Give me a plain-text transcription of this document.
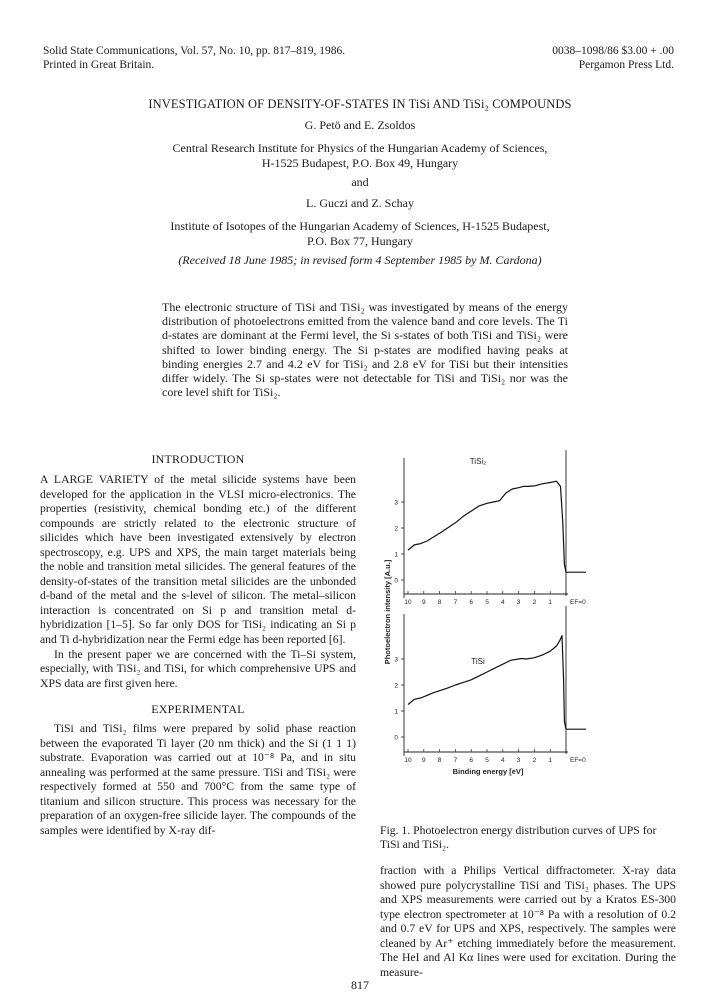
Solid State Communications, Vol. 57, No. 10, pp. 817–819, 1986.
Printed in Great Britain.
0038–1098/86 $3.00 + .00
Pergamon Press Ltd.
INVESTIGATION OF DENSITY-OF-STATES IN TiSi AND TiSi₂ COMPOUNDS
G. Petö and E. Zsoldos
Central Research Institute for Physics of the Hungarian Academy of Sciences,
H-1525 Budapest, P.O. Box 49, Hungary
and
L. Guczi and Z. Schay
Institute of Isotopes of the Hungarian Academy of Sciences, H-1525 Budapest,
P.O. Box 77, Hungary
(Received 18 June 1985; in revised form 4 September 1985 by M. Cardona)
The electronic structure of TiSi and TiSi₂ was investigated by means of the energy distribution of photoelectrons emitted from the valence band and core levels. The Ti d-states are dominant at the Fermi level, the Si s-states of both TiSi and TiSi₂ were shifted to lower binding energy. The Si p-states are modified having peaks at binding energies 2.7 and 4.2 eV for TiSi₂ and 2.8 eV for TiSi but their intensities differ widely. The Si sp-states were not detectable for TiSi and TiSi₂ nor was the core level shift for TiSi₂.
INTRODUCTION

A LARGE VARIETY of the metal silicide systems have been developed for the application in the VLSI micro-electronics. The properties (resistivity, chemical bonding etc.) of the different compounds are strictly related to the electronic structure of silicides which have been investigated extensively by electron spectroscopy, e.g. UPS and XPS, the main target materials being the noble and transition metal silicides. The general features of the density-of-states of the transition metal silicides are the unbonded d-band of the metal and the s-level of silicon. The metal–silicon interaction is concentrated on Si p and transition metal d-hybridization [1–5]. So far only DOS for TiSi₂ indicating an Si p and Ti d-hybridization near the Fermi edge has been reported [6].

In the present paper we are concerned with the Ti–Si system, especially, with TiSi₂ and TiSi, for which comprehensive UPS and XPS data are first given here.

EXPERIMENTAL

TiSi and TiSi₂ films were prepared by solid phase reaction between the evaporated Ti layer (20 nm thick) and the Si (1 1 1) substrate. Evaporation was carried out at 10⁻⁸ Pa, and in situ annealing was performed at the same pressure. TiSi and TiSi₂ were respectively formed at 550 and 700°C from the same type of titanium and silicon structure. This process was necessary for the preparation of an oxygen-free silicide layer. The compounds of the samples were identified by X-ray dif-

0
1
2
3
10 9 8 7 6 5 4 3 2 1	EF=0
TiSi₂
0
1
2
3
10 9 8 7 6 5 4 3 2 1	EF=0
TiSi
Photoelectron intensity [A.u.]
Binding energy [eV]
Fig. 1. Photoelectron energy distribution curves of UPS for TiSi and TiSi₂.
fraction with a Philips Vertical diffractometer. X-ray data showed pure polycrystalline TiSi and TiSi₂ phases. The UPS and XPS measurements were carried out by a Kratos ES-300 type electron spectrometer at 10⁻⁸ Pa with a resolution of 0.2 and 0.7 eV for UPS and XPS, respectively. The samples were cleaned by Ar⁺ etching immediately before the measurement. The HeI and Al Kα lines were used for excitation. During the measure-
817
